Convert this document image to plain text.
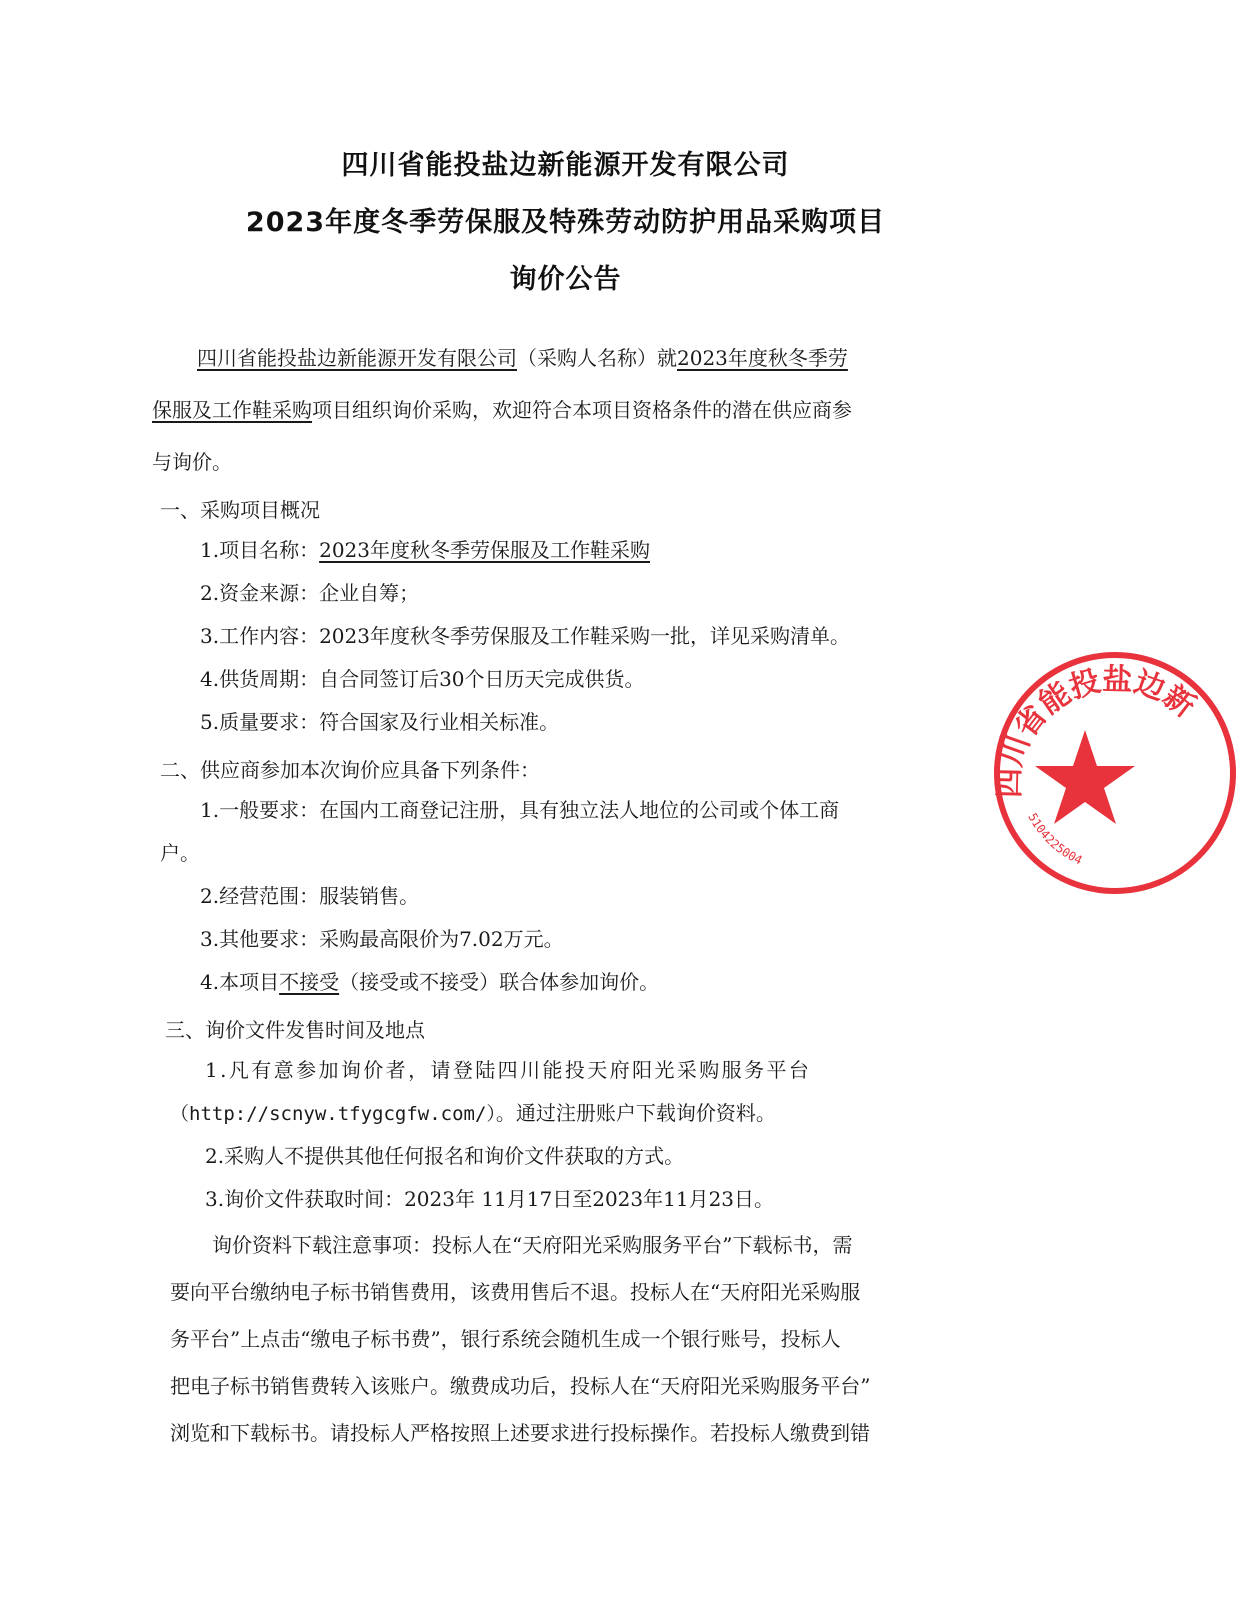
四川省能投盐边新能源开发有限公司
2023年度冬季劳保服及特殊劳动防护用品采购项目
询价公告
四川省能投盐边新能源开发有限公司（采购人名称）就2023年度秋冬季劳
保服及工作鞋采购项目组织询价采购，欢迎符合本项目资格条件的潜在供应商参
与询价。
一、采购项目概况
1.项目名称：2023年度秋冬季劳保服及工作鞋采购
2.资金来源：企业自筹；
3.工作内容：2023年度秋冬季劳保服及工作鞋采购一批，详见采购清单。
4.供货周期：自合同签订后30个日历天完成供货。
5.质量要求：符合国家及行业相关标准。
二、供应商参加本次询价应具备下列条件：
1.一般要求：在国内工商登记注册，具有独立法人地位的公司或个体工商
户。
2.经营范围：服装销售。
3.其他要求：采购最高限价为7.02万元。
4.本项目不接受（接受或不接受）联合体参加询价。
三、询价文件发售时间及地点
1.凡有意参加询价者，请登陆四川能投天府阳光采购服务平台
（http://scnyw.tfygcgfw.com/）。通过注册账户下载询价资料。
2.采购人不提供其他任何报名和询价文件获取的方式。
3.询价文件获取时间：2023年 11月17日至2023年11月23日。
询价资料下载注意事项：投标人在“天府阳光采购服务平台”下载标书，需
要向平台缴纳电子标书销售费用，该费用售后不退。投标人在“天府阳光采购服
务平台”上点击“缴电子标书费”，银行系统会随机生成一个银行账号，投标人
把电子标书销售费转入该账户。缴费成功后，投标人在“天府阳光采购服务平台”
浏览和下载标书。请投标人严格按照上述要求进行投标操作。若投标人缴费到错
四川省能投盐边新
5104225004
